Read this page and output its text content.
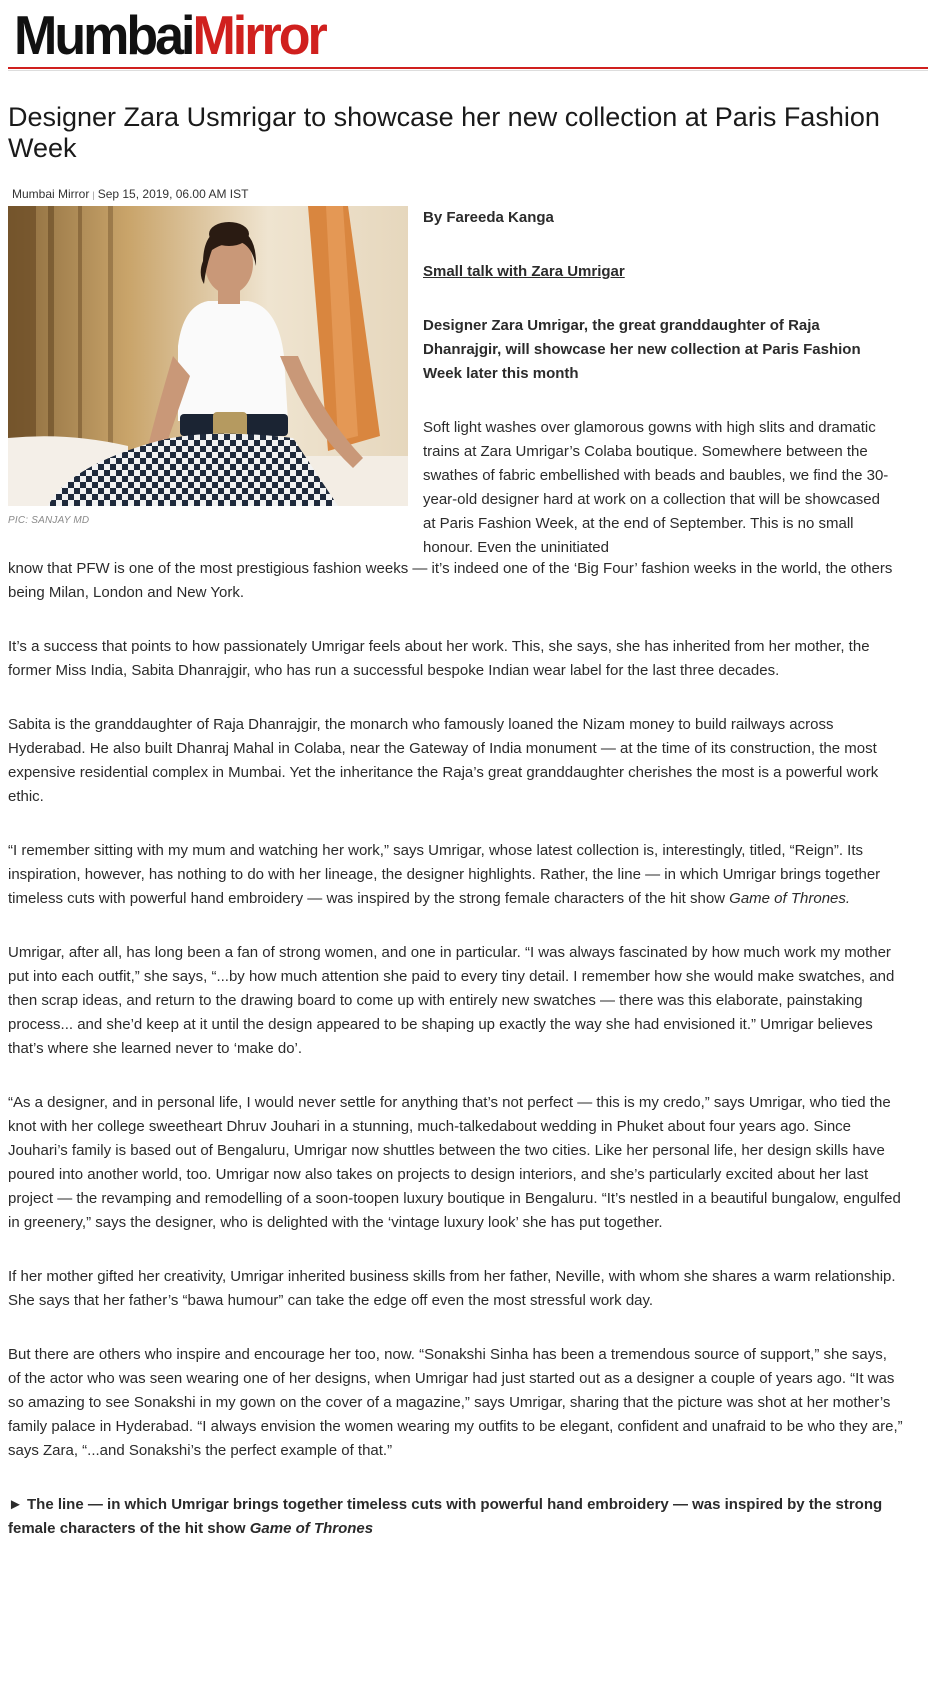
Mumbai Mirror
Designer Zara Usmrigar to showcase her new collection at Paris Fashion Week
Mumbai Mirror | Sep 15, 2019, 06.00 AM IST
PIC: SANJAY MD

By Fareeda Kanga

Small talk with Zara Umrigar

Designer Zara Umrigar, the great granddaughter of Raja Dhanrajgir, will showcase her new collection at Paris Fashion Week later this month

Soft light washes over glamorous gowns with high slits and dramatic trains at Zara Umrigar’s Colaba boutique. Somewhere between the swathes of fabric embellished with beads and baubles, we find the 30-year-old designer hard at work on a collection that will be showcased at Paris Fashion Week, at the end of September. This is no small honour. Even the uninitiated

know that PFW is one of the most prestigious fashion weeks — it’s indeed one of the ‘Big Four’ fashion weeks in the world, the others being Milan, London and New York.

It’s a success that points to how passionately Umrigar feels about her work. This, she says, she has inherited from her mother, the former Miss India, Sabita Dhanrajgir, who has run a successful bespoke Indian wear label for the last three decades.

Sabita is the granddaughter of Raja Dhanrajgir, the monarch who famously loaned the Nizam money to build railways across Hyderabad. He also built Dhanraj Mahal in Colaba, near the Gateway of India monument — at the time of its construction, the most expensive residential complex in Mumbai. Yet the inheritance the Raja’s great granddaughter cherishes the most is a powerful work ethic.

“I remember sitting with my mum and watching her work,” says Umrigar, whose latest collection is, interestingly, titled, “Reign”. Its inspiration, however, has nothing to do with her lineage, the designer highlights. Rather, the line — in which Umrigar brings together timeless cuts with powerful hand embroidery — was inspired by the strong female characters of the hit show Game of Thrones.

Umrigar, after all, has long been a fan of strong women, and one in particular. “I was always fascinated by how much work my mother put into each outfit,” she says, “...by how much attention she paid to every tiny detail. I remember how she would make swatches, and then scrap ideas, and return to the drawing board to come up with entirely new swatches — there was this elaborate, painstaking process... and she’d keep at it until the design appeared to be shaping up exactly the way she had envisioned it.” Umrigar believes that’s where she learned never to ‘make do’.

“As a designer, and in personal life, I would never settle for anything that’s not perfect — this is my credo,” says Umrigar, who tied the knot with her college sweetheart Dhruv Jouhari in a stunning, much-talkedabout wedding in Phuket about four years ago. Since Jouhari’s family is based out of Bengaluru, Umrigar now shuttles between the two cities. Like her personal life, her design skills have poured into another world, too. Umrigar now also takes on projects to design interiors, and she’s particularly excited about her last project — the revamping and remodelling of a soon-toopen luxury boutique in Bengaluru. “It’s nestled in a beautiful bungalow, engulfed in greenery,” says the designer, who is delighted with the ‘vintage luxury look’ she has put together.

If her mother gifted her creativity, Umrigar inherited business skills from her father, Neville, with whom she shares a warm relationship. She says that her father’s “bawa humour” can take the edge off even the most stressful work day.

But there are others who inspire and encourage her too, now. “Sonakshi Sinha has been a tremendous source of support,” she says, of the actor who was seen wearing one of her designs, when Umrigar had just started out as a designer a couple of years ago. “It was so amazing to see Sonakshi in my gown on the cover of a magazine,” says Umrigar, sharing that the picture was shot at her mother’s family palace in Hyderabad. “I always envision the women wearing my outfits to be elegant, confident and unafraid to be who they are,” says Zara, “...and Sonakshi’s the perfect example of that.”

► The line — in which Umrigar brings together timeless cuts with powerful hand embroidery — was inspired by the strong female characters of the hit show Game of Thrones
